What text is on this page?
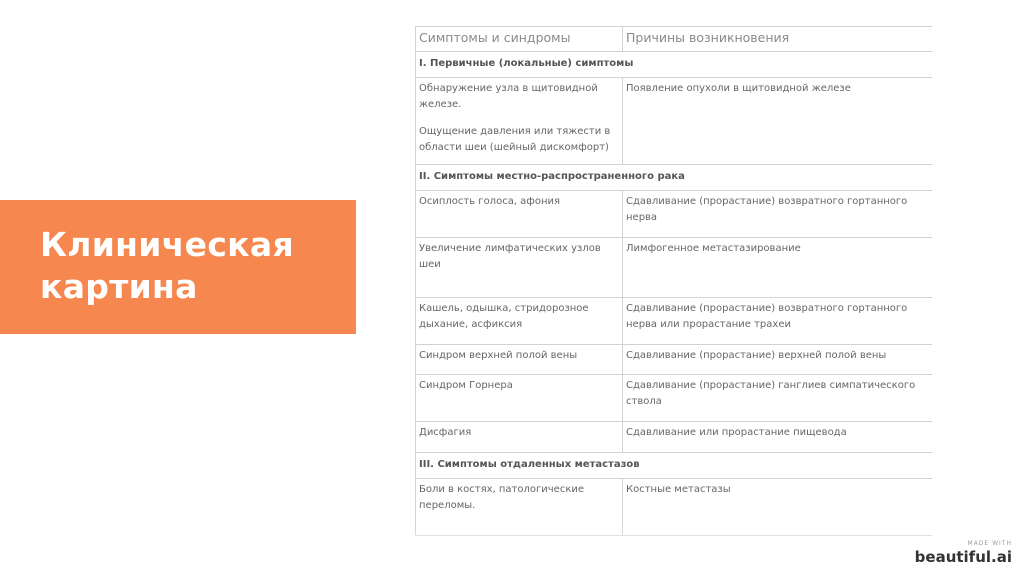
Клиническая
картина
Симптомы и синдромы	Причины возникновения
I. Первичные (локальные) симптомы	

Обнаружение узла в щитовидной железе.
Ощущение давления или тяжести в области шеи (шейный дискомфорт)	Появление опухоли в щитовидной железе
II. Симптомы местно-распространенного рака	
Осиплость голоса, афония	Сдавливание (прорастание) возвратного гортанного нерва
Увеличение лимфатических узлов шеи	Лимфогенное метастазирование
Кашель, одышка, стридорозное дыхание, асфиксия	Сдавливание (прорастание) возвратного гортанного нерва или прорастание трахеи
Синдром верхней полой вены	Сдавливание (прорастание) верхней полой вены
Синдром Горнера	Сдавливание (прорастание) ганглиев симпатического ствола
Дисфагия	Сдавливание или прорастание пищевода
III. Симптомы отдаленных метастазов	
Боли в костях, патологические переломы.	Костные метастазы
MADE WITH
beautiful.ai
